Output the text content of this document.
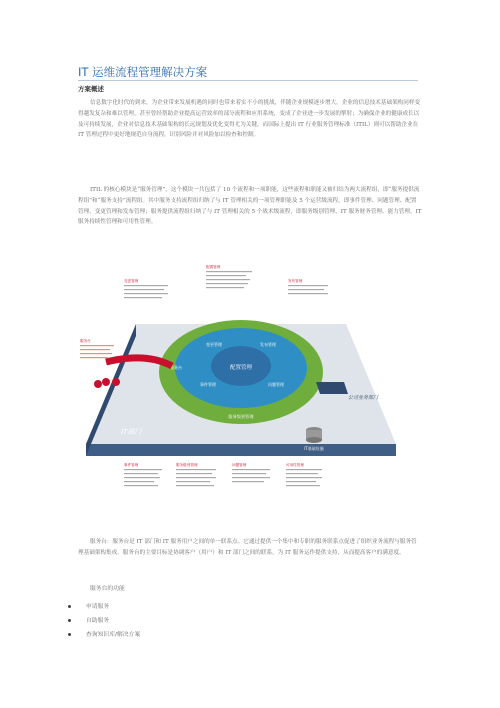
IT 运维流程管理解决方案
方案概述
信息数字化时代的到来，为企业带来发展机遇的同时也带来着实不小的挑战，伴随企业规模逐步增大，企业的信息技术基础架构同样变得越发复杂和难以管理，甚至曾经帮助企业提高运营效率的部分流程和应用系统，变成了企业进一步发展的掣肘；为确保企业的健康成长以及可持续发展，企业对信息技术基础架构的长远规划及优化变得尤为关键，而国际上提出 IT 行业服务管理标准（ITIL）则可以帮助企业在 IT 管理过程中更好地规范自身流程，识别风险并对风险加以检查和控制。
ITIL 的核心模块是“服务管理”，这个模块一共包括了 10 个流程和一项职能，这些流程和职能又被归结为两大流程组，即“服务提供流程组”和“服务支持”流程组。其中服务支持流程组归纳了与 IT 管理相关的一项管理职能及 5 个运营级流程，即事件管理、问题管理、配置管理、变更管理和发布管理；服务提供流程组归纳了与 IT 管理相关的 5 个战术级流程，即服务级别管理、IT 服务财务管理、能力管理、IT 服务持续性管理和可用性管理。
配置管理
变更管理	发布管理
问题管理
事件管理
服务台
服务级别管理
IT基础设施
IT部门
公司业务部门
变更管理
配置管理
发布管理
服务台
事件管理	服务级别管理	问题管理	可用性管理
服务台：服务台是 IT 部门和 IT 服务用户之间的单一联系点。它通过提供一个集中和专职的服务联系点促进了组织业务流程与服务管理基础架构集成。服务台的主要目标是协调客户（用户）和 IT 部门之间的联系，为 IT 服务运作提供支持，从而提高客户的满意度。
服务台的功能
申请服务
自助服务
查询知识库/解决方案
